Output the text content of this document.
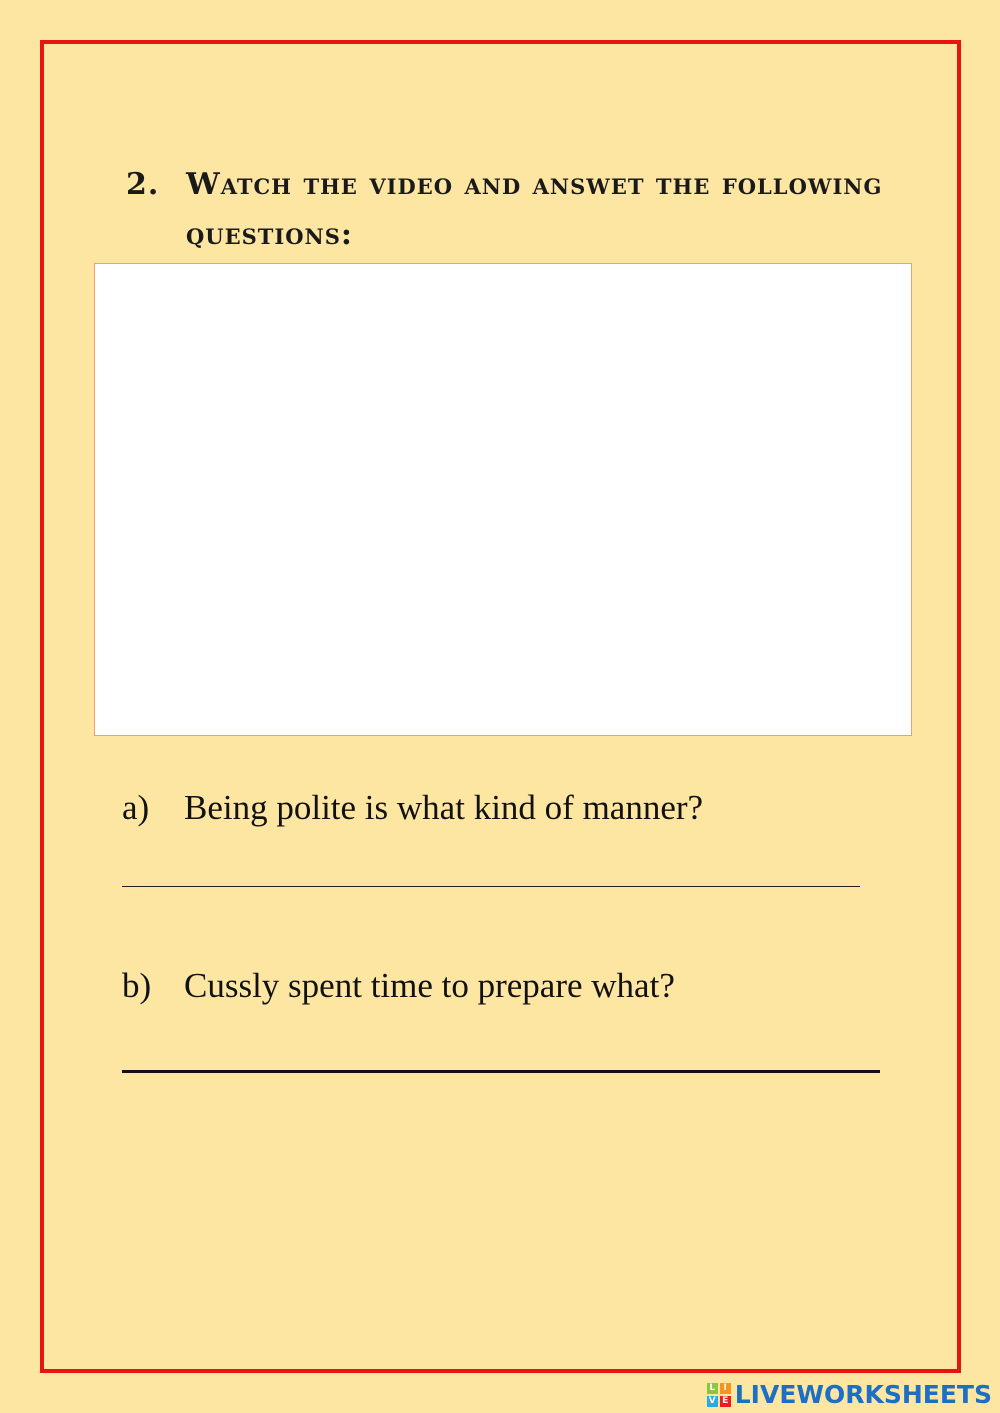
2. Watch the video and answet the following questions:
a) Being polite is what kind of manner?
b) Cussly spent time to prepare what?
L I
V E LIVEWORKSHEETS
